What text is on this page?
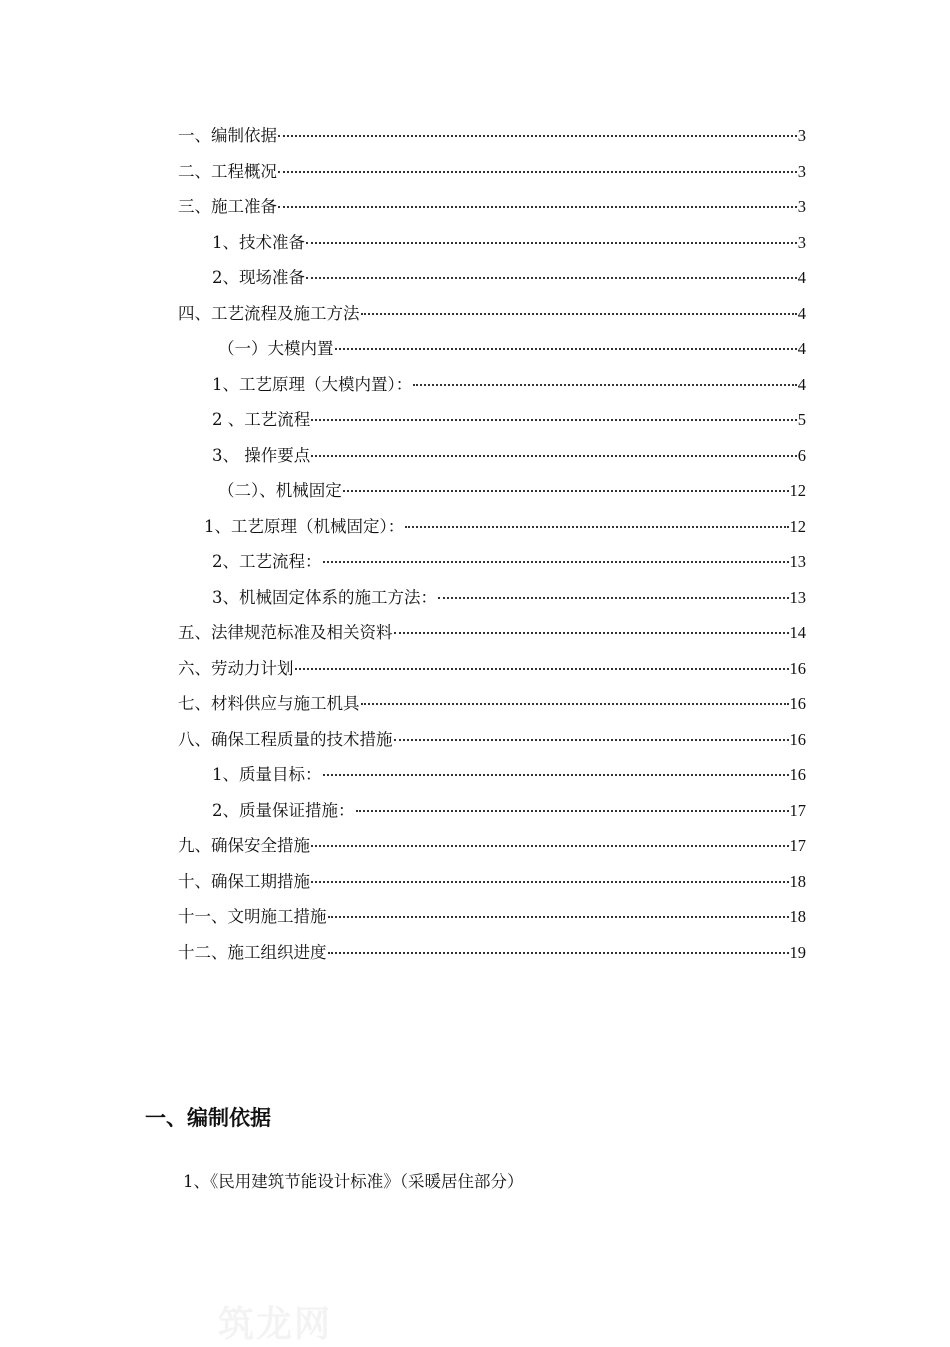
一、编制依据	3
二、工程概况	3
三、施工准备	3
1、技术准备	3
2、现场准备	4
四、工艺流程及施工方法	4
（一）大模内置	4
1、工艺原理（大模内置）：	4
2 、工艺流程	5
3、 操作要点	6
（二）、机械固定	12
1、工艺原理（机械固定）：	12
2、工艺流程：	13
3、机械固定体系的施工方法：	13
五、法律规范标准及相关资料	14
六、劳动力计划	16
七、材料供应与施工机具	16
八、确保工程质量的技术措施	16
1、质量目标：	16
2、质量保证措施：	17
九、确保安全措施	17
十、确保工期措施	18
十一、文明施工措施	18
十二、施工组织进度	19
一、编制依据

1、《民用建筑节能设计标准》（采暖居住部分）

筑龙网
